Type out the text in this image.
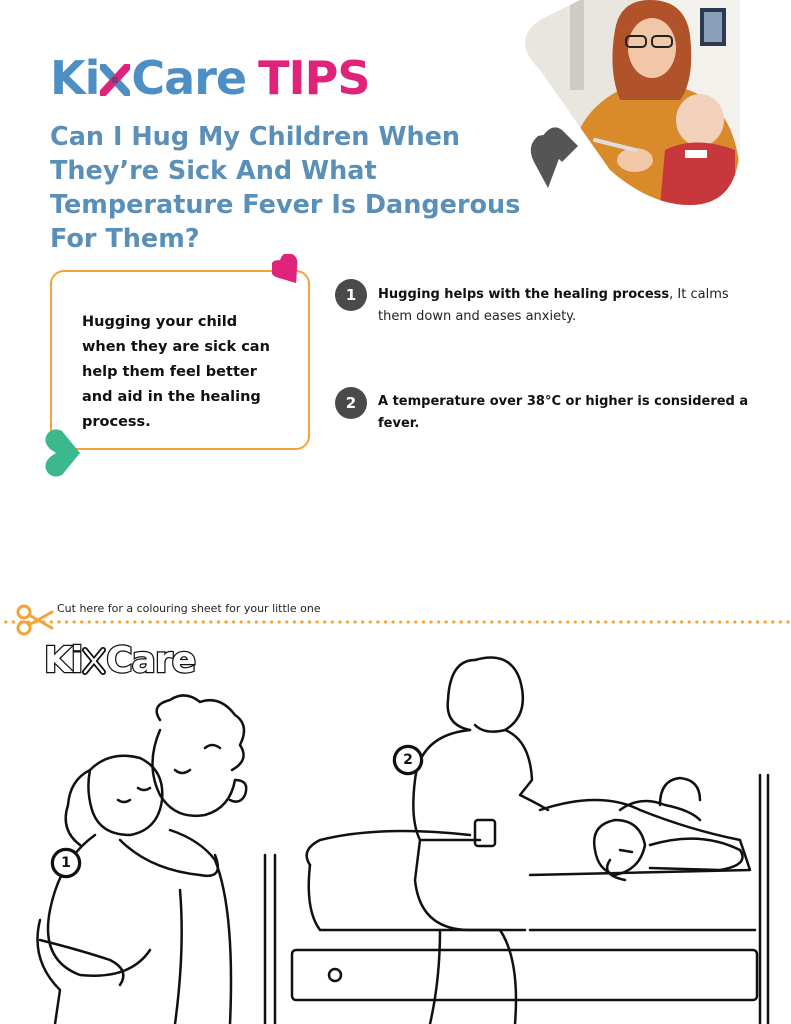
Ki Care TIPS
Can I Hug My Children When They’re Sick And What Temperature Fever Is Dangerous For Them?
Hugging your child when they are sick can help them feel better and aid in the healing process.
1	Hugging helps with the healing process, It calms them down and eases anxiety.
2	A temperature over 38°C or higher is considered a fever.
Cut here for a colouring sheet for your little one
Ki Care
1
2
